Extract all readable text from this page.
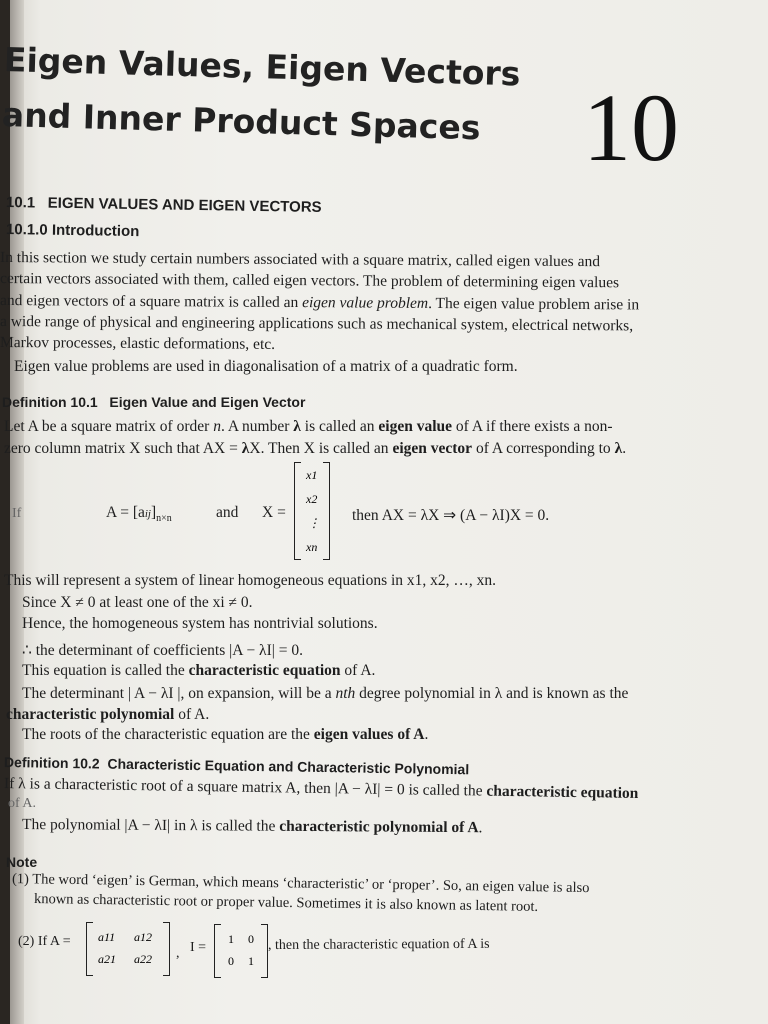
Eigen Values, Eigen Vectors
and Inner Product Spaces 10
10.1 EIGEN VALUES AND EIGEN VECTORS
10.1.0 Introduction
In this section we study certain numbers associated with a square matrix, called eigen values and
certain vectors associated with them, called eigen vectors. The problem of determining eigen values
and eigen vectors of a square matrix is called an eigen value problem. The eigen value problem arise in
a wide range of physical and engineering applications such as mechanical system, electrical networks,
Markov processes, elastic deformations, etc.
Eigen value problems are used in diagonalisation of a matrix of a quadratic form.
Definition 10.1 Eigen Value and Eigen Vector
Let A be a square matrix of order n. A number λ is called an eigen value of A if there exists a non-
zero column matrix X such that AX = λX. Then X is called an eigen vector of A corresponding to λ.
If	$A = [aij]_{n\times n}$	and X =
x1
x2
⋮
xn
then AX = λX ⇒ (A − λI)X = 0.
This will represent a system of linear homogeneous equations in x1, x2, …, xn.
Since X ≠ 0 at least one of the xi ≠ 0.
Hence, the homogeneous system has nontrivial solutions.
∴ the determinant of coefficients |A − λI| = 0.
This equation is called the characteristic equation of A.
The determinant | A − λI |, on expansion, will be a nth degree polynomial in λ and is known as the
characteristic polynomial of A.
The roots of the characteristic equation are the eigen values of A.
Definition 10.2 Characteristic Equation and Characteristic Polynomial
If λ is a characteristic root of a square matrix A, then |A − λI| = 0 is called the characteristic equation
of A.
The polynomial |A − λI| in λ is called the characteristic polynomial of A.
Note
(1) The word ‘eigen’ is German, which means ‘characteristic’ or ‘proper’. So, an eigen value is also
known as characteristic root or proper value. Sometimes it is also known as latent root.
(2) If A = a11 a12
a21 a22 , I =
1 0
0 1
, then the characteristic equation of A is
